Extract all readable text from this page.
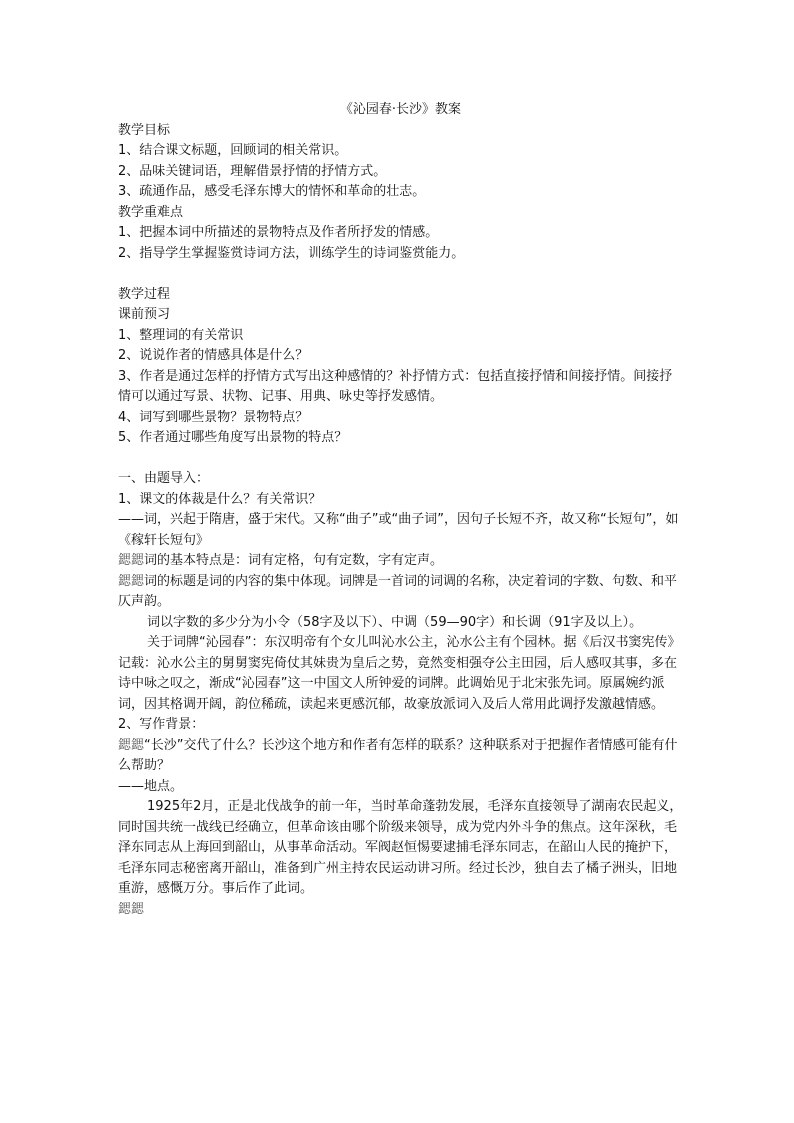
《沁园春·长沙》教案
教学目标
1、结合课文标题，回顾词的相关常识。
2、品味关键词语，理解借景抒情的抒情方式。
3、疏通作品，感受毛泽东博大的情怀和革命的壮志。
教学重难点
1、把握本词中所描述的景物特点及作者所抒发的情感。
2、指导学生掌握鉴赏诗词方法，训练学生的诗词鉴赏能力。
教学过程
课前预习
1、整理词的有关常识
2、说说作者的情感具体是什么？
3、作者是通过怎样的抒情方式写出这种感情的？补抒情方式：包括直接抒情和间接抒情。间接抒情可以通过写景、状物、记事、用典、咏史等抒发感情。
4、词写到哪些景物？景物特点？
5、作者通过哪些角度写出景物的特点？
一、由题导入：
1、课文的体裁是什么？有关常识？
——词，兴起于隋唐，盛于宋代。又称“曲子”或“曲子词”，因句子长短不齐，故又称“长短句”，如《稼轩长短句》
鍶鍶词的基本特点是：词有定格，句有定数，字有定声。
鍶鍶词的标题是词的内容的集中体现。词牌是一首词的词调的名称，决定着词的字数、句数、和平仄声韵。
词以字数的多少分为小令（58字及以下）、中调（59—90字）和长调（91字及以上）。
关于词牌“沁园春”：东汉明帝有个女儿叫沁水公主，沁水公主有个园林。据《后汉书窦宪传》记载：沁水公主的舅舅窦宪倚仗其妹贵为皇后之势，竟然变相强夺公主田园，后人感叹其事，多在诗中咏之叹之，渐成“沁园春”这一中国文人所钟爱的词牌。此调始见于北宋张先词。原属婉约派词，因其格调开阔，韵位稀疏，读起来更感沉郁，故豪放派词入及后人常用此调抒发激越情感。
2、写作背景：
鍶鍶“长沙”交代了什么？长沙这个地方和作者有怎样的联系？这种联系对于把握作者情感可能有什么帮助？
——地点。
1925年2月，正是北伐战争的前一年，当时革命蓬勃发展，毛泽东直接领导了湖南农民起义，同时国共统一战线已经确立，但革命该由哪个阶级来领导，成为党内外斗争的焦点。这年深秋，毛泽东同志从上海回到韶山，从事革命活动。军阀赵恒惕要逮捕毛泽东同志，在韶山人民的掩护下，毛泽东同志秘密离开韶山，准备到广州主持农民运动讲习所。经过长沙，独自去了橘子洲头，旧地重游，感慨万分。事后作了此词。
鍶鍶
